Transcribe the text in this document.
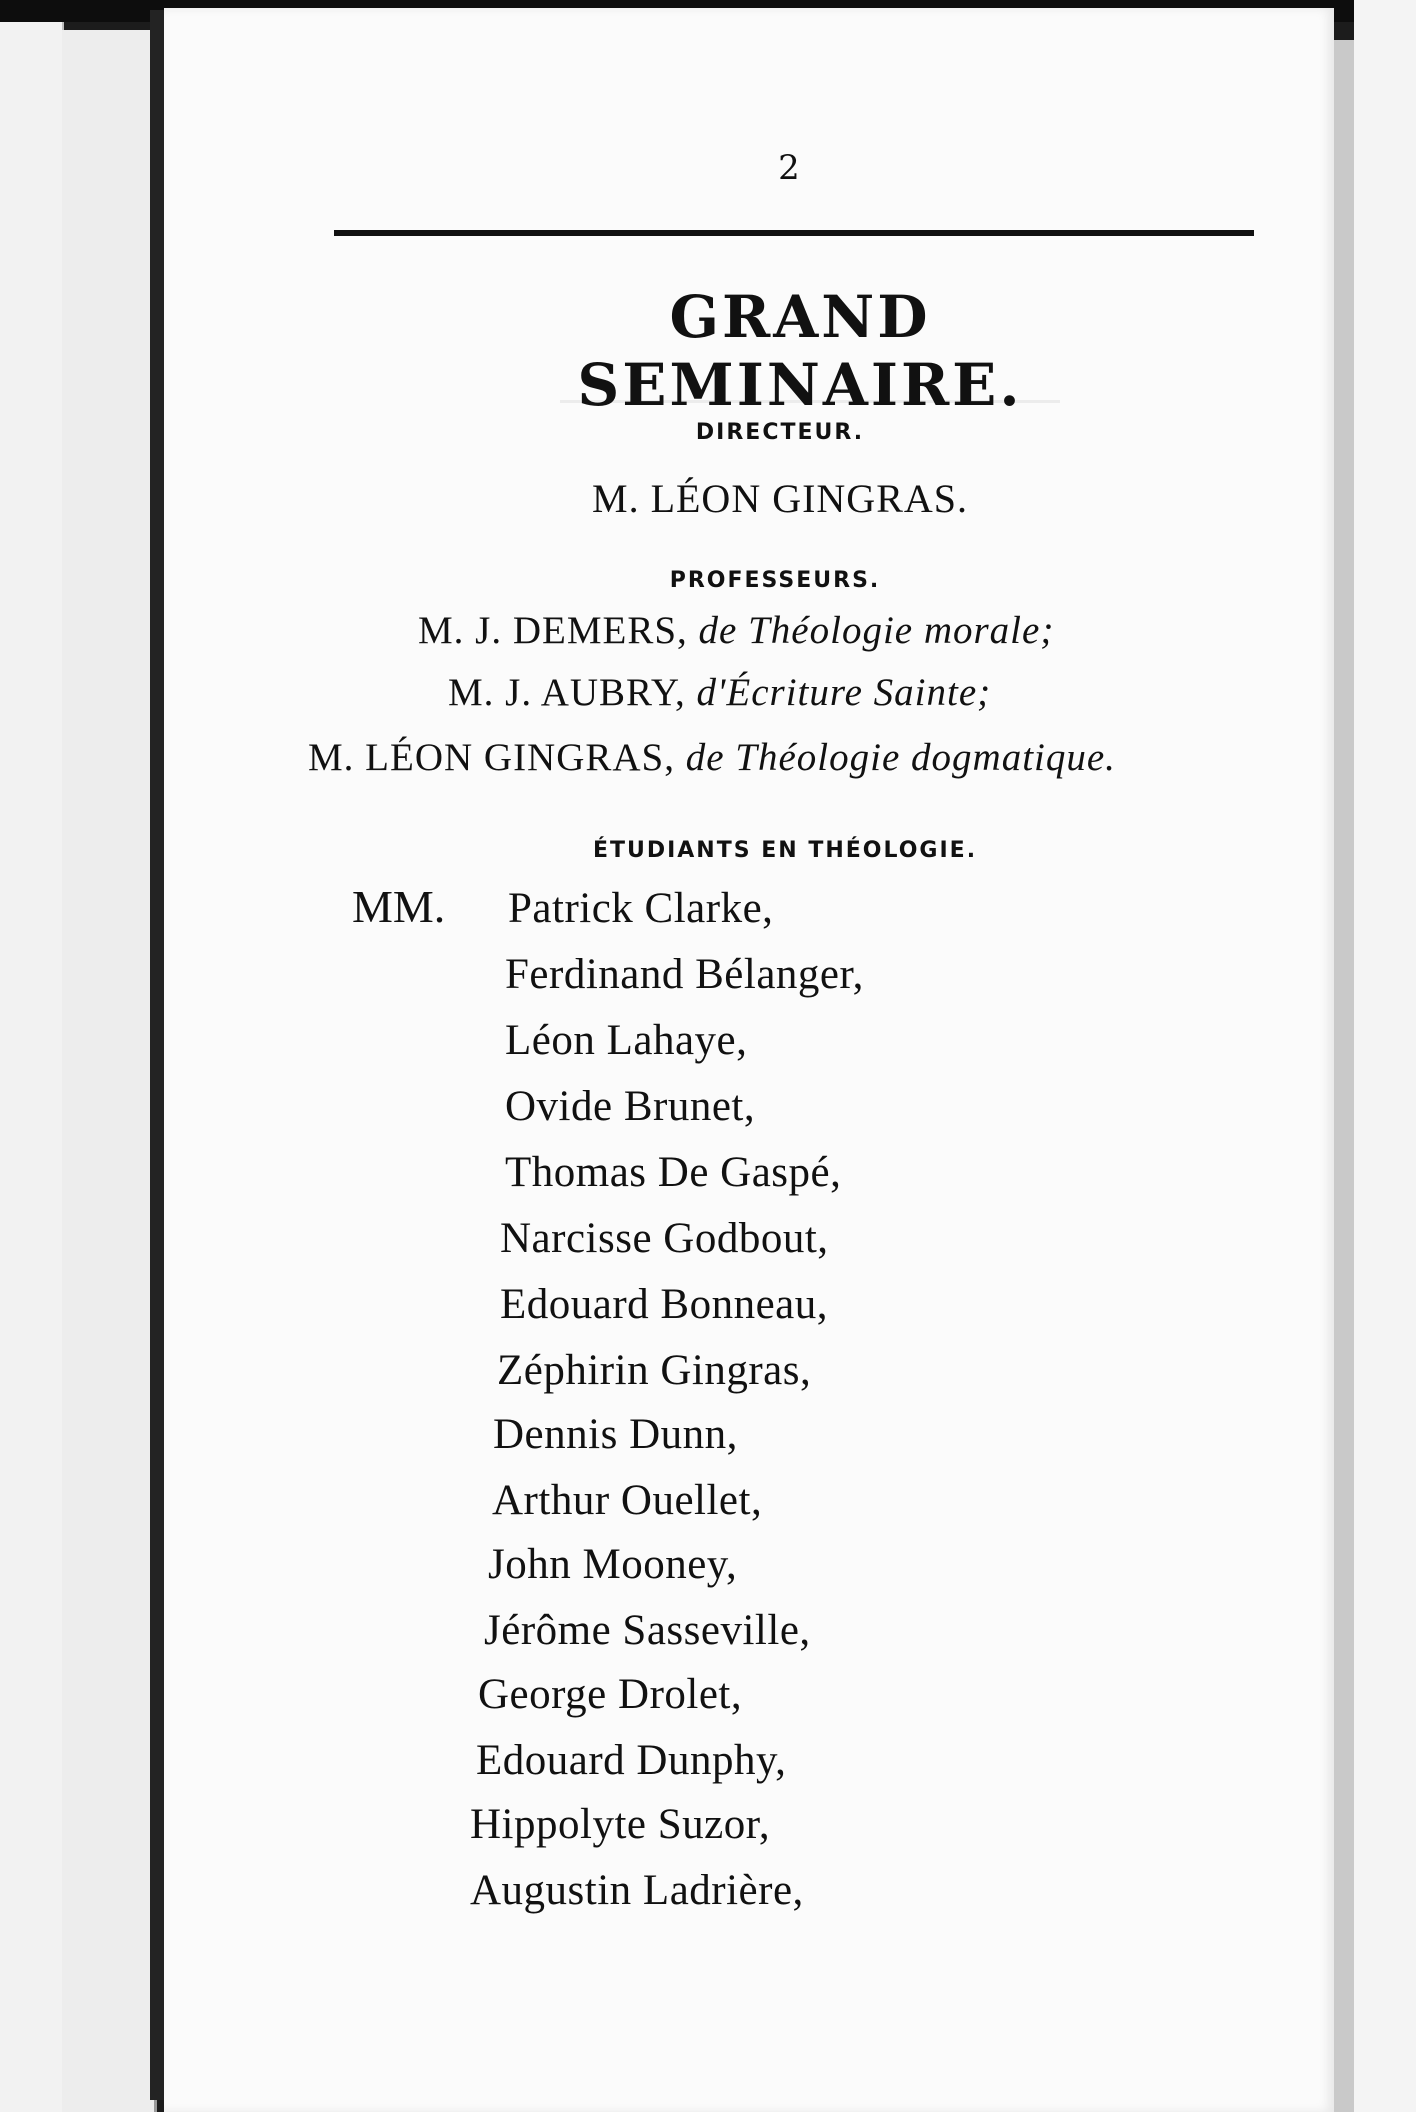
2
GRAND SEMINAIRE.
DIRECTEUR.
M. LÉON GINGRAS.
PROFESSEURS.
M. J. DEMERS, de Théologie morale;
M. J. AUBRY, d'Écriture Sainte;
M. LÉON GINGRAS, de Théologie dogmatique.
ÉTUDIANTS EN THÉOLOGIE.
MM. Patrick Clarke,
Ferdinand Bélanger,
Léon Lahaye,
Ovide Brunet,
Thomas De Gaspé,
Narcisse Godbout,
Edouard Bonneau,
Zéphirin Gingras,
Dennis Dunn,
Arthur Ouellet,
John Mooney,
Jérôme Sasseville,
George Drolet,
Edouard Dunphy,
Hippolyte Suzor,
Augustin Ladrière,
